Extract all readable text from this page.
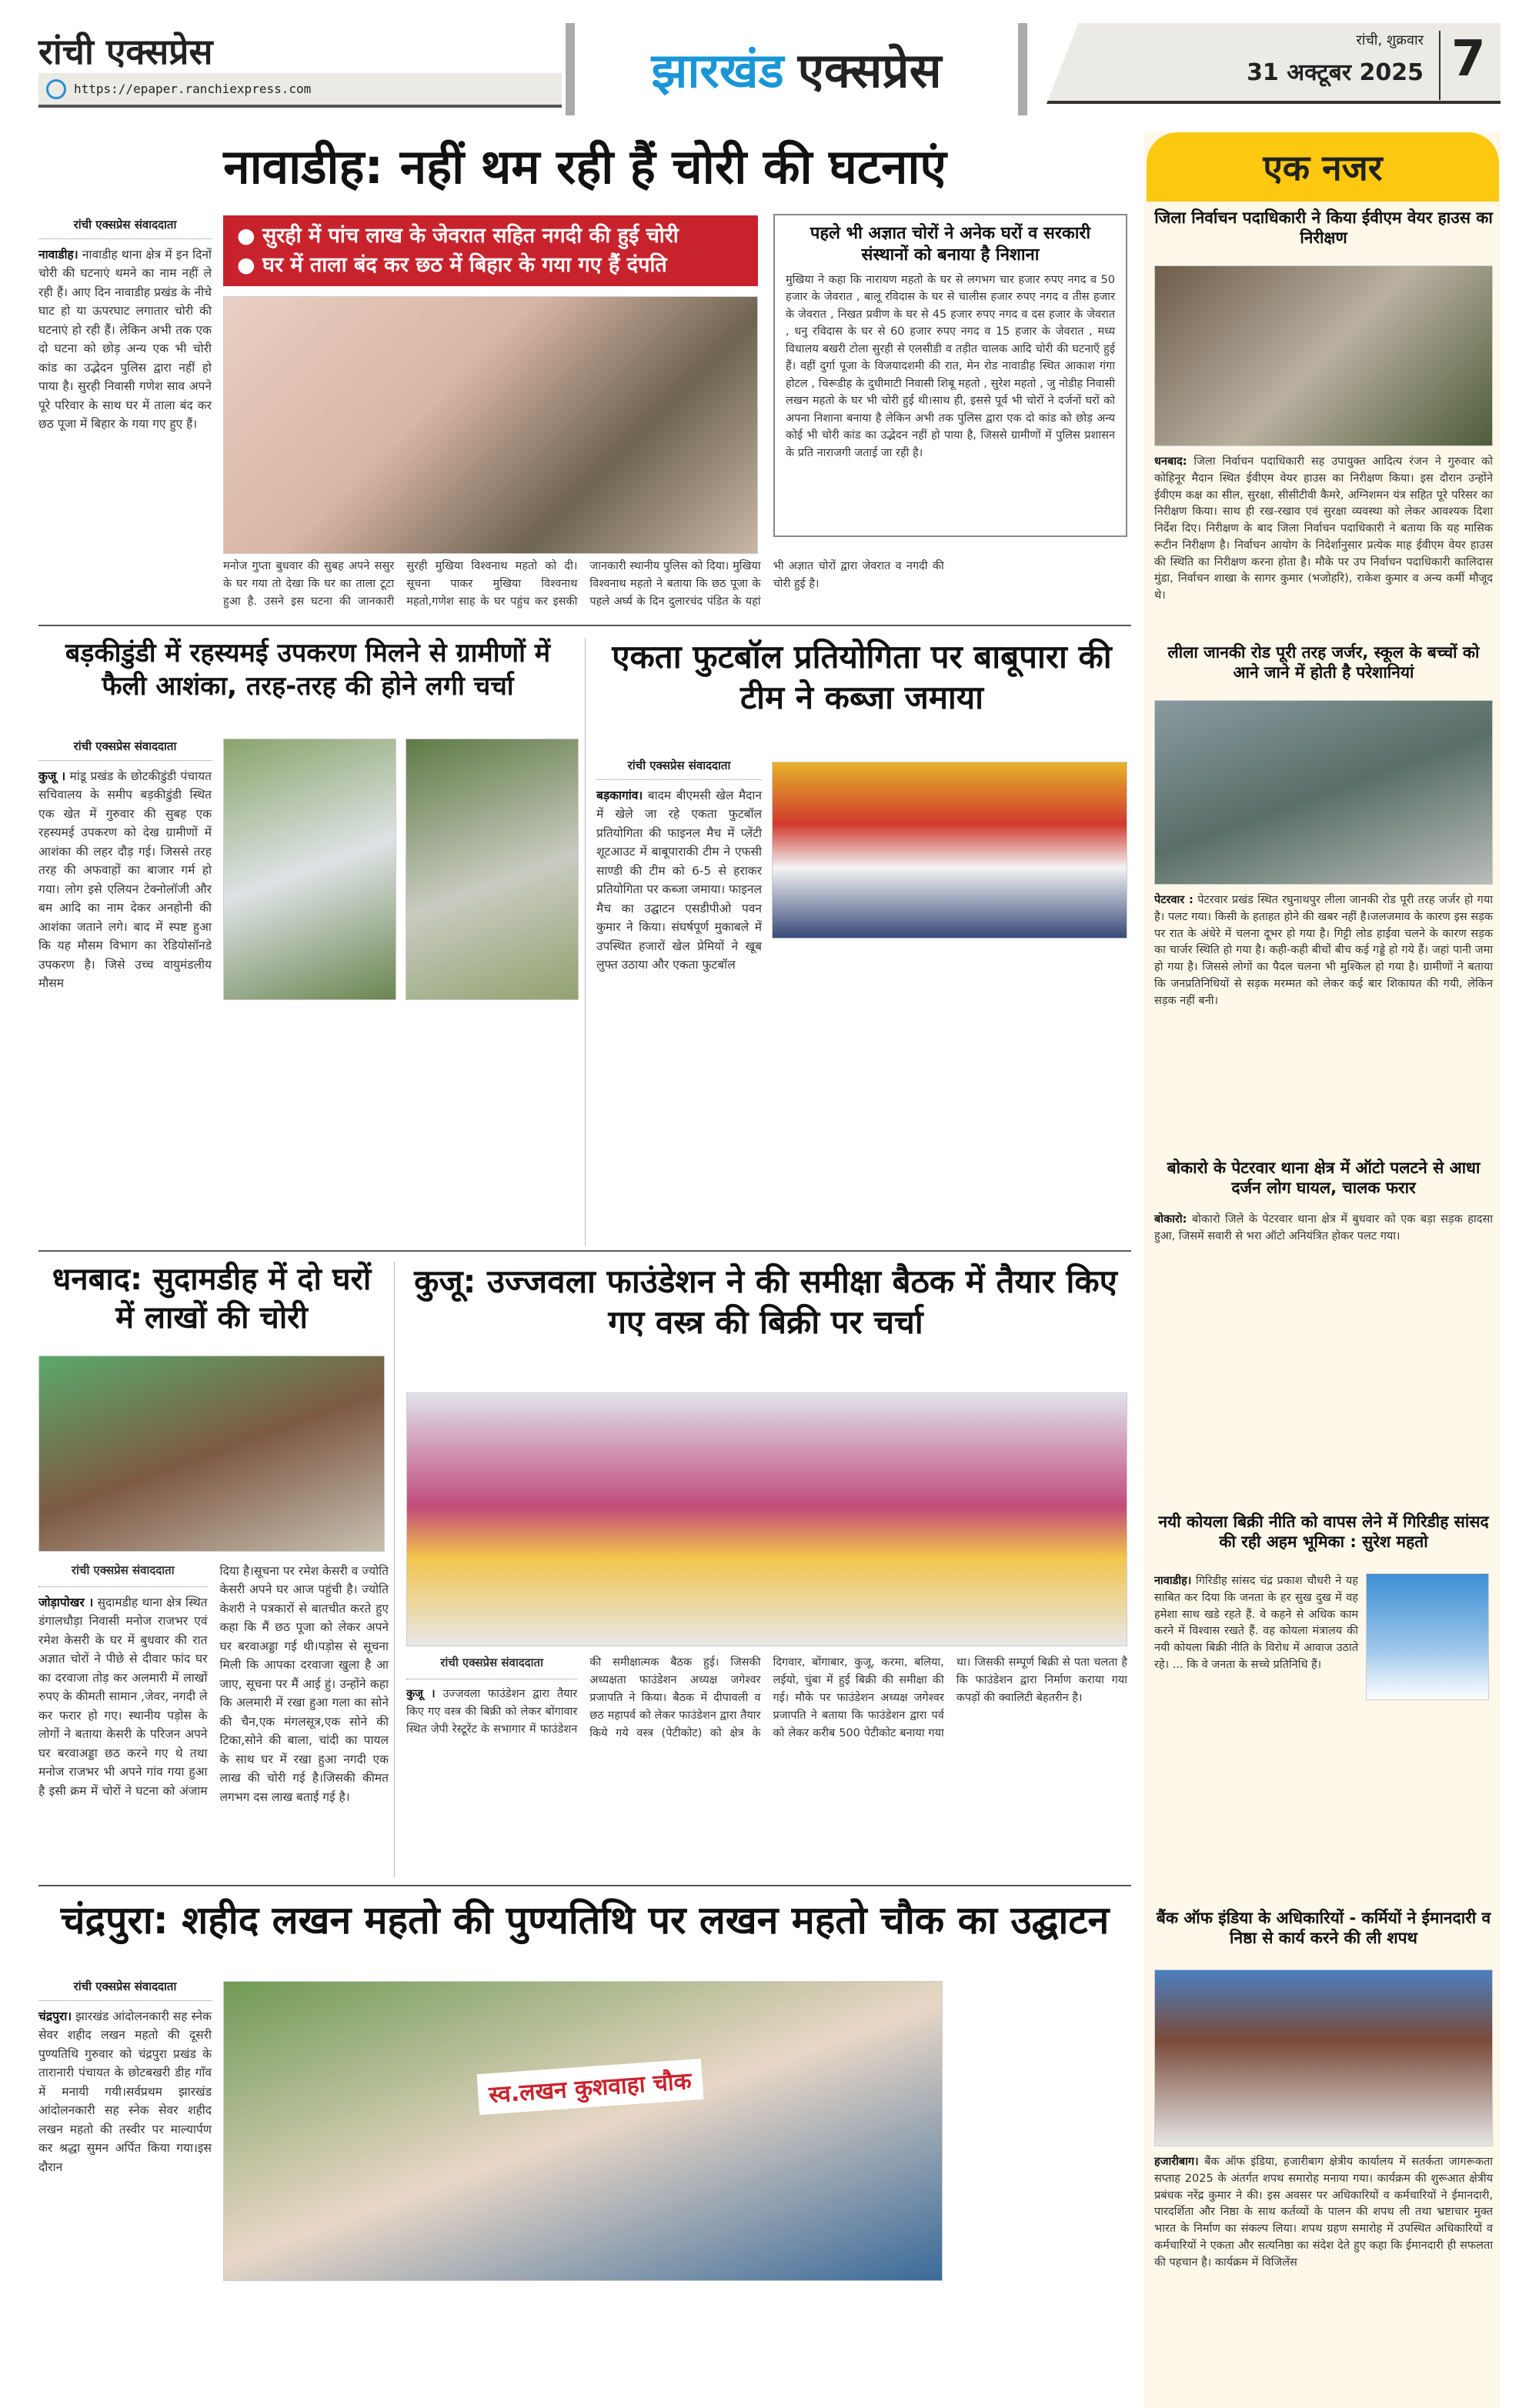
रांची एक्सप्रेस
https://epaper.ranchiexpress.com	झारखंड एक्सप्रेस
रांची, शुक्रवार
31 अक्टूबर 2025 7
नावाडीह: नहीं थम रही हैं चोरी की घटनाएं
रांची एक्सप्रेस संवाददाता
नावाडीह। नावाडीह थाना क्षेत्र में इन दिनों चोरी की घटनाएं थमने का नाम नहीं ले रही हैं। आए दिन नावाडीह प्रखंड के नीचे घाट हो या ऊपरघाट लगातार चोरी की घटनाएं हो रही हैं। लेकिन अभी तक एक दो घटना को छोड़ अन्य एक भी चोरी कांड का उद्भेदन पुलिस द्वारा नहीं हो पाया है। सुरही निवासी गणेश साव अपने पूरे परिवार के साथ घर में ताला बंद कर छठ पूजा में बिहार के गया गए हुए हैं।
● सुरही में पांच लाख के जेवरात सहित नगदी की हुई चोरी
● घर में ताला बंद कर छठ में बिहार के गया गए हैं दंपति
मनोज गुप्ता बुधवार की सुबह अपने ससुर के घर गया तो देखा कि घर का ताला टूटा हुआ है. उसने इस घटना की जानकारी सुरही मुखिया विश्वनाथ महतो को दी। सूचना पाकर मुखिया विश्वनाथ महतो,गणेश साह के घर पहुंच कर इसकी जानकारी स्थानीय पुलिस को दिया। मुखिया विश्वनाथ महतो ने बताया कि छठ पूजा के पहले अर्घ्य के दिन दुलारचंद पंडित के यहां भी अज्ञात चोरों द्वारा जेवरात व नगदी की चोरी हुई है।
पहले भी अज्ञात चोरों ने अनेक घरों व सरकारी संस्थानों को बनाया है निशाना
मुखिया ने कहा कि नारायण महतो के घर से लगभग चार हजार रुपए नगद व 50 हजार के जेवरात , बालू रविदास के घर से चालीस हजार रुपए नगद व तीस हजार के जेवरात , निखत प्रवीण के घर से 45 हजार रुपए नगद व दस हजार के जेवरात , धनु रविदास के घर से 60 हजार रुपए नगद व 15 हजार के जेवरात , मध्य विधालय बखरी टोला सुरही से एलसीडी व तड़ीत चालक आदि चोरी की घटनाएँ हुई हैं। वहीं दुर्गा पूजा के विजयादशमी की रात, मेन रोड नावाडीह स्थित आकाश गंगा होटल , चिरूडीह के दुधीमाटी निवासी शिबू महतो , सुरेश महतो , जु नोडीह निवासी लखन महतो के घर भी चोरी हुई थी।साथ ही, इससे पूर्व भी चोरों ने दर्जनों घरों को अपना निशाना बनाया है लेकिन अभी तक पुलिस द्वारा एक दो कांड को छोड़ अन्य कोई भी चोरी कांड का उद्भेदन नहीं हो पाया है, जिससे ग्रामीणों में पुलिस प्रशासन के प्रति नाराजगी जताई जा रही है।
बड़कीडुंडी में रहस्यमई उपकरण मिलने से ग्रामीणों में फैली आशंका, तरह-तरह की होने लगी चर्चा
रांची एक्सप्रेस संवाददाता
कुजू । मांडू प्रखंड के छोटकीडुंडी पंचायत सचिवालय के समीप बड़कीडुंडी स्थित एक खेत में गुरुवार की सुबह एक रहस्यमई उपकरण को देख ग्रामीणों में आशंका की लहर दौड़ गई। जिससे तरह तरह की अफवाहों का बाजार गर्म हो गया। लोग इसे एलियन टेक्नोलॉजी और बम आदि का नाम देकर अनहोनी की आशंका जताने लगे। बाद में स्पष्ट हुआ कि यह मौसम विभाग का रेडियोसॉनडे उपकरण है। जिसे उच्च वायुमंडलीय मौसम
एकता फुटबॉल प्रतियोगिता पर बाबूपारा की टीम ने कब्जा जमाया
रांची एक्सप्रेस संवाददाता
बड़कागांव। बादम बीएमसी खेल मैदान में खेले जा रहे एकता फुटबॉल प्रतियोगिता की फाइनल मैच में प्लेंटी शूटआउट में बाबूपाराकी टीम ने एफसी साण्डी की टीम को 6-5 से हराकर प्रतियोगिता पर कब्जा जमाया। फाइनल मैच का उद्घाटन एसडीपीओ पवन कुमार ने किया। संघर्षपूर्ण मुकाबले में उपस्थित हजारों खेल प्रेमियों ने खूब लुफ्त उठाया और एकता फुटबॉल
धनबाद: सुदामडीह में दो घरों में लाखों की चोरी
रांची एक्सप्रेस संवाददाता
जोड़ापोखर । सुदामडीह थाना क्षेत्र स्थित डंगालधौड़ा निवासी मनोज राजभर एवं रमेश केसरी के घर में बुधवार की रात अज्ञात चोरों ने पीछे से दीवार फांद घर का दरवाजा तोड़ कर अलमारी में लाखों रुपए के कीमती सामान ,जेवर, नगदी ले कर फरार हो गए। स्थानीय पड़ोस के लोगों ने बताया केसरी के परिजन अपने घर बरवाअड्डा छठ करने गए थे तथा मनोज राजभर भी अपने गांव गया हुआ है इसी क्रम में चोरों ने घटना को अंजाम दिया है।सूचना पर रमेश केसरी व ज्योति केसरी अपने घर आज पहुंची है। ज्योति केशरी ने पत्रकारों से बातचीत करते हुए कहा कि मैं छठ पूजा को लेकर अपने घर बरवाअड्डा गई थी।पड़ोस से सूचना मिली कि आपका दरवाजा खुला है आ जाए, सूचना पर मैं आई हुं। उन्होंने कहा कि अलमारी में रखा हुआ गला का सोने की चैन,एक मंगलसूत्र,एक सोने की टिका,सोने की बाला, चांदी का पायल के साथ घर में रखा हुआ नगदी एक लाख की चोरी गई है।जिसकी कीमत लगभग दस लाख बताई गई है।
कुजू: उज्जवला फाउंडेशन ने की समीक्षा बैठक में तैयार किए गए वस्त्र की बिक्री पर चर्चा
रांची एक्सप्रेस संवाददाता
कुजू । उज्जवला फाउंडेशन द्वारा तैयार किए गए वस्त्र की बिक्री को लेकर बोंगावार स्थित जेपी रेस्टूरेंट के सभागार में फाउंडेशन की समीक्षात्मक बैठक हुई। जिसकी अध्यक्षता फाउंडेशन अध्यक्ष जगेश्वर प्रजापति ने किया। बैठक में दीपावली व छठ महापर्व को लेकर फाउंडेशन द्वारा तैयार किये गये वस्त्र (पेटीकोट) को क्षेत्र के दिगवार, बोंगाबार, कुजू, करमा, बलिया, लईयो, चुंबा में हुई बिक्री की समीक्षा की गई। मौके पर फाउंडेशन अध्यक्ष जगेश्वर प्रजापति ने बताया कि फाउंडेशन द्वारा पर्व को लेकर करीब 500 पेटीकोट बनाया गया था। जिसकी सम्पूर्ण बिक्री से पता चलता है कि फाउंडेशन द्वारा निर्माण कराया गया कपड़ों की क्वालिटी बेहतरीन है।
चंद्रपुरा: शहीद लखन महतो की पुण्यतिथि पर लखन महतो चौक का उद्घाटन
रांची एक्सप्रेस संवाददाता
चंद्रपुरा। झारखंड आंदोलनकारी सह स्नेक सेवर शहीद लखन महतो की दूसरी पुण्यतिथि गुरुवार को चंद्रपुरा प्रखंड के तारानारी पंचायत के छोटबखरी डीह गाँव में मनायी गयी।सर्वप्रथम झारखंड आंदोलनकारी सह स्नेक सेवर शहीद लखन महतो की तस्वीर पर माल्यार्पण कर श्रद्धा सुमन अर्पित किया गया।इस दौरान
स्व.लखन कुशवाहा चौक
एक नजर
जिला निर्वाचन पदाधिकारी ने किया ईवीएम वेयर हाउस का निरीक्षण
धनबाद: जिला निर्वाचन पदाधिकारी सह उपायुक्त आदित्य रंजन ने गुरुवार को कोहिनूर मैदान स्थित ईवीएम वेयर हाउस का निरीक्षण किया। इस दौरान उन्होंने ईवीएम कक्ष का सील, सुरक्षा, सीसीटीवी कैमरे, अग्निशमन यंत्र सहित पूरे परिसर का निरीक्षण किया। साथ ही रख-रखाव एवं सुरक्षा व्यवस्था को लेकर आवश्यक दिशा निर्देश दिए। निरीक्षण के बाद जिला निर्वाचन पदाधिकारी ने बताया कि यह मासिक रूटीन निरीक्षण है। निर्वाचन आयोग के निदेर्शानुसार प्रत्येक माह ईवीएम वेयर हाउस की स्थिति का निरीक्षण करना होता है। मौके पर उप निर्वाचन पदाधिकारी कालिदास मुंडा, निर्वाचन शाखा के सागर कुमार (भजोहरि), राकेश कुमार व अन्य कर्मी मौजूद थे।
लीला जानकी रोड पूरी तरह जर्जर, स्कूल के बच्चों को आने जाने में होती है परेशानियां
पेटरवार : पेटरवार प्रखंड स्थित रघुनाथपुर लीला जानकी रोड पूरी तरह जर्जर हो गया है। पलट गया। किसी के हताहत होने की खबर नहीं है।जलजमाव के कारण इस सड़क पर रात के अंधेरे में चलना दूभर हो गया है। गिट्टी लोड हाईवा चलने के कारण सड़क का चार्जर स्थिति हो गया है। कही-कही बीचों बीच कई गड्डे हो गये हैं। जहां पानी जमा हो गया है। जिससे लोगों का पैदल चलना भी मुश्किल हो गया है। ग्रामीणों ने बताया कि जनप्रतिनिधियों से सड़क मरम्मत को लेकर कई बार शिकायत की गयी, लेकिन सड़क नहीं बनी।
बोकारो के पेटरवार थाना क्षेत्र में ऑटो पलटने से आधा दर्जन लोग घायल, चालक फरार
बोकारो: बोकारो जिले के पेटरवार थाना क्षेत्र में बुधवार को एक बड़ा सड़क हादसा हुआ, जिसमें सवारी से भरा ऑटो अनियंत्रित होकर पलट गया।
नयी कोयला बिक्री नीति को वापस लेने में गिरिडीह सांसद की रही अहम भूमिका : सुरेश महतो
नावाडीह। गिरिडीह सांसद चंद्र प्रकाश चौधरी ने यह साबित कर दिया कि जनता के हर सुख दुख में वह हमेशा साथ खडे रहते हैं. वे कहने से अधिक काम करने में विश्वास रखते हैं. वह कोयला मंत्रालय की नयी कोयला बिक्री नीति के विरोध में आवाज उठाते रहे। ... कि वे जनता के सच्चे प्रतिनिधि हैं।
बैंक ऑफ इंडिया के अधिकारियों - कर्मियों ने ईमानदारी व निष्ठा से कार्य करने की ली शपथ
हजारीबाग। बैंक ऑफ इंडिया, हजारीबाग क्षेत्रीय कार्यालय में सतर्कता जागरूकता सप्ताह 2025 के अंतर्गत शपथ समारोह मनाया गया। कार्यक्रम की शुरूआत क्षेत्रीय प्रबंधक नरेंद्र कुमार ने की। इस अवसर पर अधिकारियों व कर्मचारियों ने ईमानदारी, पारदर्शिता और निष्ठा के साथ कर्तव्यों के पालन की शपथ ली तथा भ्रष्टाचार मुक्त भारत के निर्माण का संकल्प लिया। शपथ ग्रहण समारोह में उपस्थित अधिकारियों व कर्मचारियों ने एकता और सत्यनिष्ठा का संदेश देते हुए कहा कि ईमानदारी ही सफलता की पहचान है। कार्यक्रम में विजिलेंस
